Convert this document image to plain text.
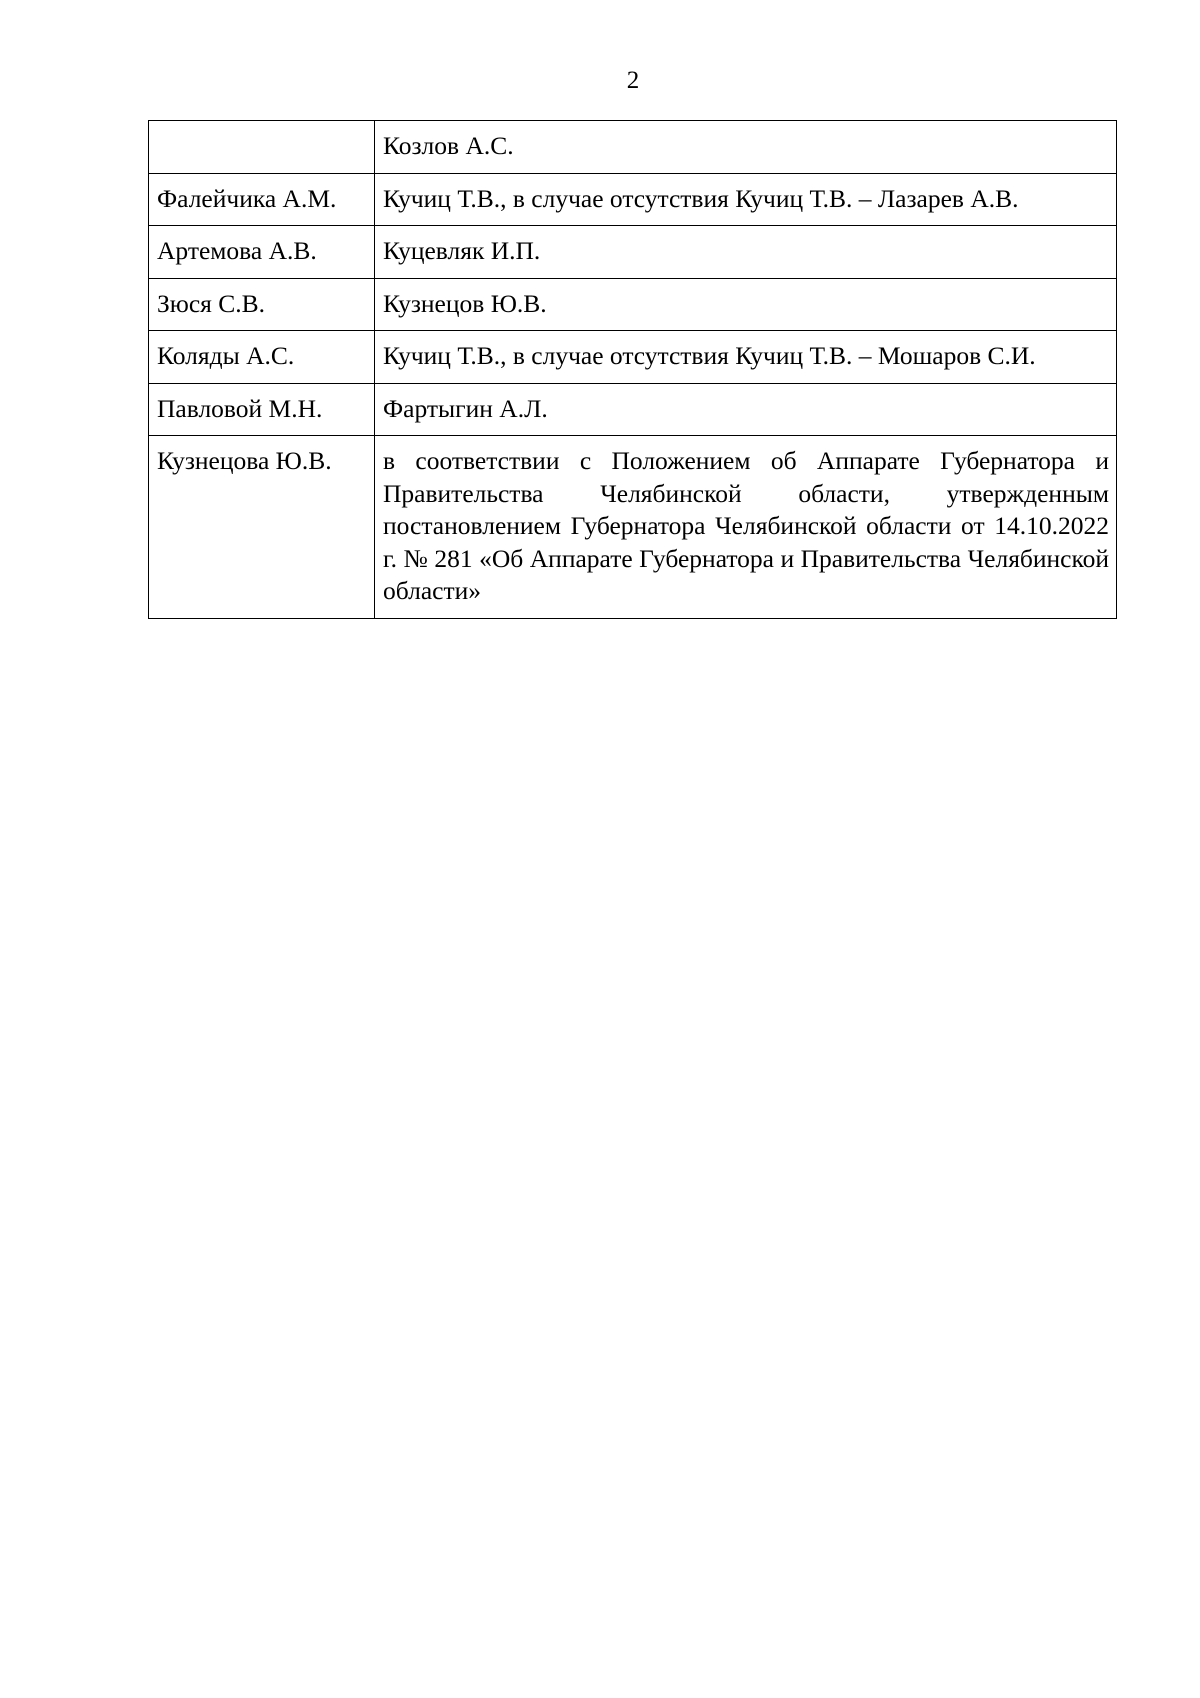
2
	Козлов А.С.
Фалейчика А.М.	Кучиц Т.В., в случае отсутствия Кучиц Т.В. – Лазарев А.В.
Артемова А.В.	Куцевляк И.П.
Зюся С.В.	Кузнецов Ю.В.
Коляды А.С.	Кучиц Т.В., в случае отсутствия Кучиц Т.В. – Мошаров С.И.
Павловой М.Н.	Фартыгин А.Л.
Кузнецова Ю.В.	в соответствии с Положением об Аппарате Губернатора и Правительства Челябинской области, утвержденным постановлением Губернатора Челябинской области от 14.10.2022 г. № 281 «Об Аппарате Губернатора и Правительства Челябинской области»
